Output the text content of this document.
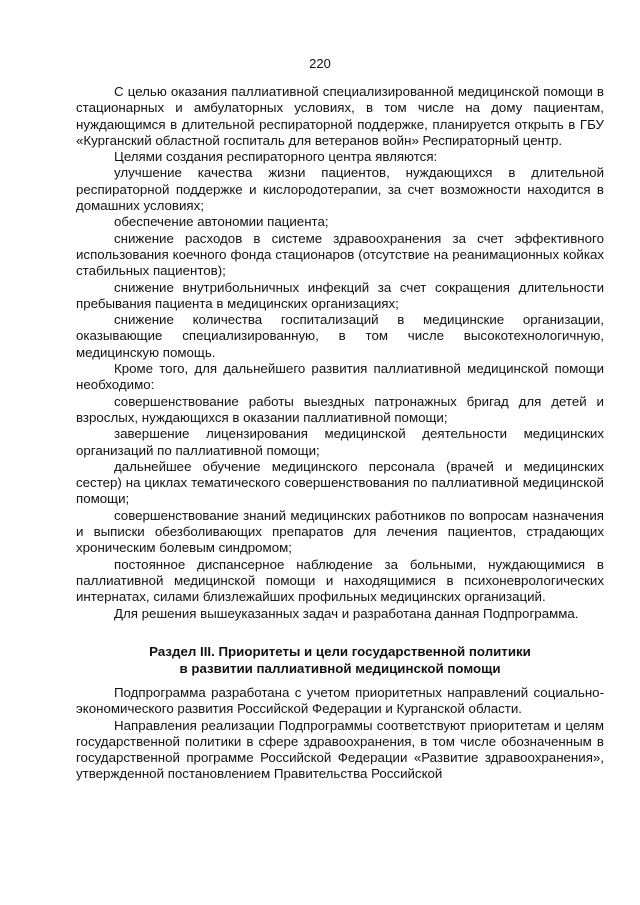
220

С целью оказания паллиативной специализированной медицинской помощи в стационарных и амбулаторных условиях, в том числе на дому пациентам, нуждающимся в длительной респираторной поддержке, планируется открыть в ГБУ «Курганский областной госпиталь для ветеранов войн» Респираторный центр.

Целями создания респираторного центра являются:

улучшение качества жизни пациентов, нуждающихся в длительной респираторной поддержке и кислородотерапии, за счет возможности находится в домашних условиях;

обеспечение автономии пациента;

снижение расходов в системе здравоохранения за счет эффективного использования коечного фонда стационаров (отсутствие на реанимационных койках стабильных пациентов);

снижение внутрибольничных инфекций за счет сокращения длительности пребывания пациента в медицинских организациях;

снижение количества госпитализаций в медицинские организации, оказывающие специализированную, в том числе высокотехнологичную, медицинскую помощь.

Кроме того, для дальнейшего развития паллиативной медицинской помощи необходимо:

совершенствование работы выездных патронажных бригад для детей и взрослых, нуждающихся в оказании паллиативной помощи;

завершение лицензирования медицинской деятельности медицинских организаций по паллиативной помощи;

дальнейшее обучение медицинского персонала (врачей и медицинских сестер) на циклах тематического совершенствования по паллиативной медицинской помощи;

совершенствование знаний медицинских работников по вопросам назначения и выписки обезболивающих препаратов для лечения пациентов, страдающих хроническим болевым синдромом;

постоянное диспансерное наблюдение за больными, нуждающимися в паллиативной медицинской помощи и находящимися в психоневрологических интернатах, силами близлежайших профильных медицинских организаций.

Для решения вышеуказанных задач и разработана данная Подпрограмма.

Раздел III. Приоритеты и цели государственной политики
в развитии паллиативной медицинской помощи

Подпрограмма разработана с учетом приоритетных направлений социально-экономического развития Российской Федерации и Курганской области.

Направления реализации Подпрограммы соответствуют приоритетам и целям государственной политики в сфере здравоохранения, в том числе обозначенным в государственной программе Российской Федерации «Развитие здравоохранения», утвержденной постановлением Правительства Российской
